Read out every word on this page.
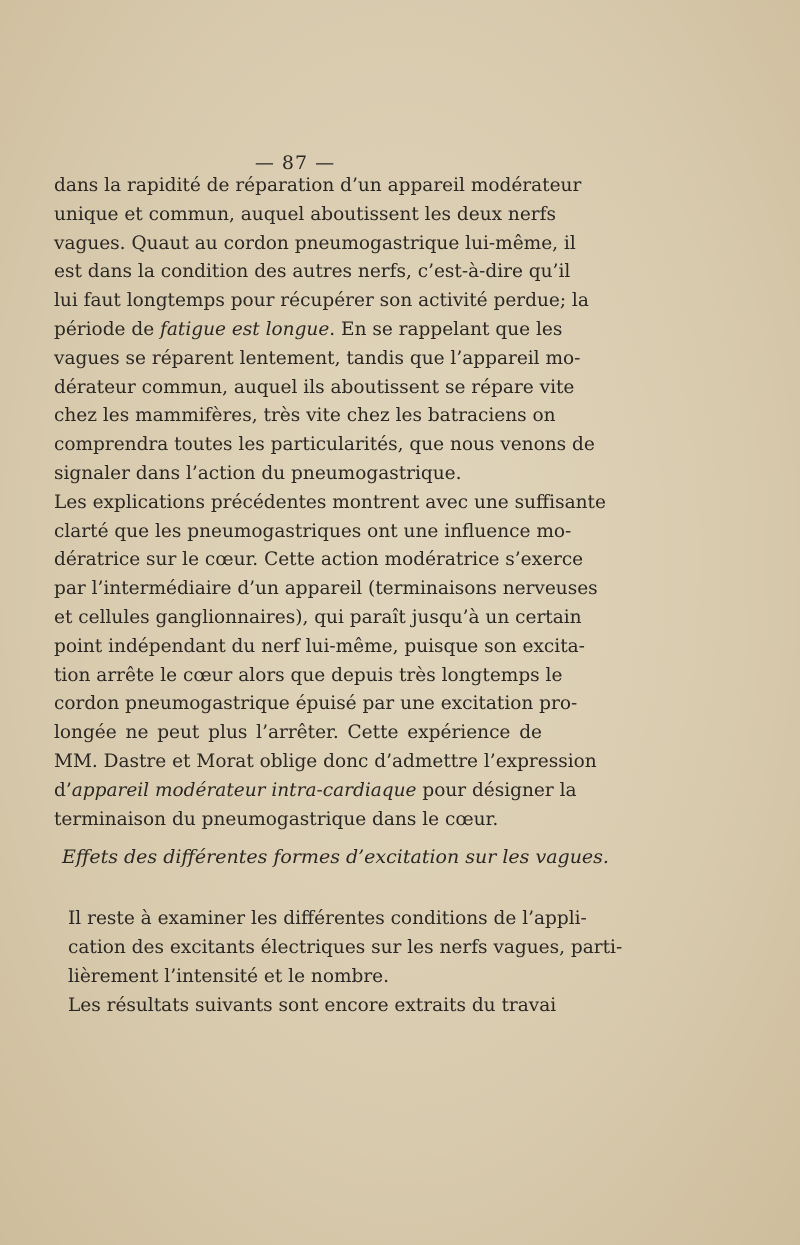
— 87 —
dans la rapidité de réparation d’un appareil modérateur
unique et commun, auquel aboutissent les deux nerfs
vagues. Quaut au cordon pneumogastrique lui-même, il
est dans la condition des autres nerfs, c’est-à-dire qu’il
lui faut longtemps pour récupérer son activité perdue; la
période de fatigue est longue. En se rappelant que les
vagues se réparent lentement, tandis que l’appareil mo-
dérateur commun, auquel ils aboutissent se répare vite
chez les mammifères, très vite chez les batraciens on
comprendra toutes les particularités, que nous venons de
signaler dans l’action du pneumogastrique.
Les explications précédentes montrent avec une suffisante
clarté que les pneumogastriques ont une influence mo-
dératrice sur le cœur. Cette action modératrice s’exerce
par l’intermédiaire d’un appareil (terminaisons nerveuses
et cellules ganglionnaires), qui paraît jusqu’à un certain
point indépendant du nerf lui-même, puisque son excita-
tion arrête le cœur alors que depuis très longtemps le
cordon pneumogastrique épuisé par une excitation pro-
longée ne peut plus l’arrêter. Cette expérience de
MM. Dastre et Morat oblige donc d’admettre l’expression
d’appareil modérateur intra-cardiaque pour désigner la
terminaison du pneumogastrique dans le cœur.
Effets des différentes formes d’excitation sur les vagues.
Il reste à examiner les différentes conditions de l’appli-
cation des excitants électriques sur les nerfs vagues, parti-
lièrement l’intensité et le nombre.
Les résultats suivants sont encore extraits du travai
